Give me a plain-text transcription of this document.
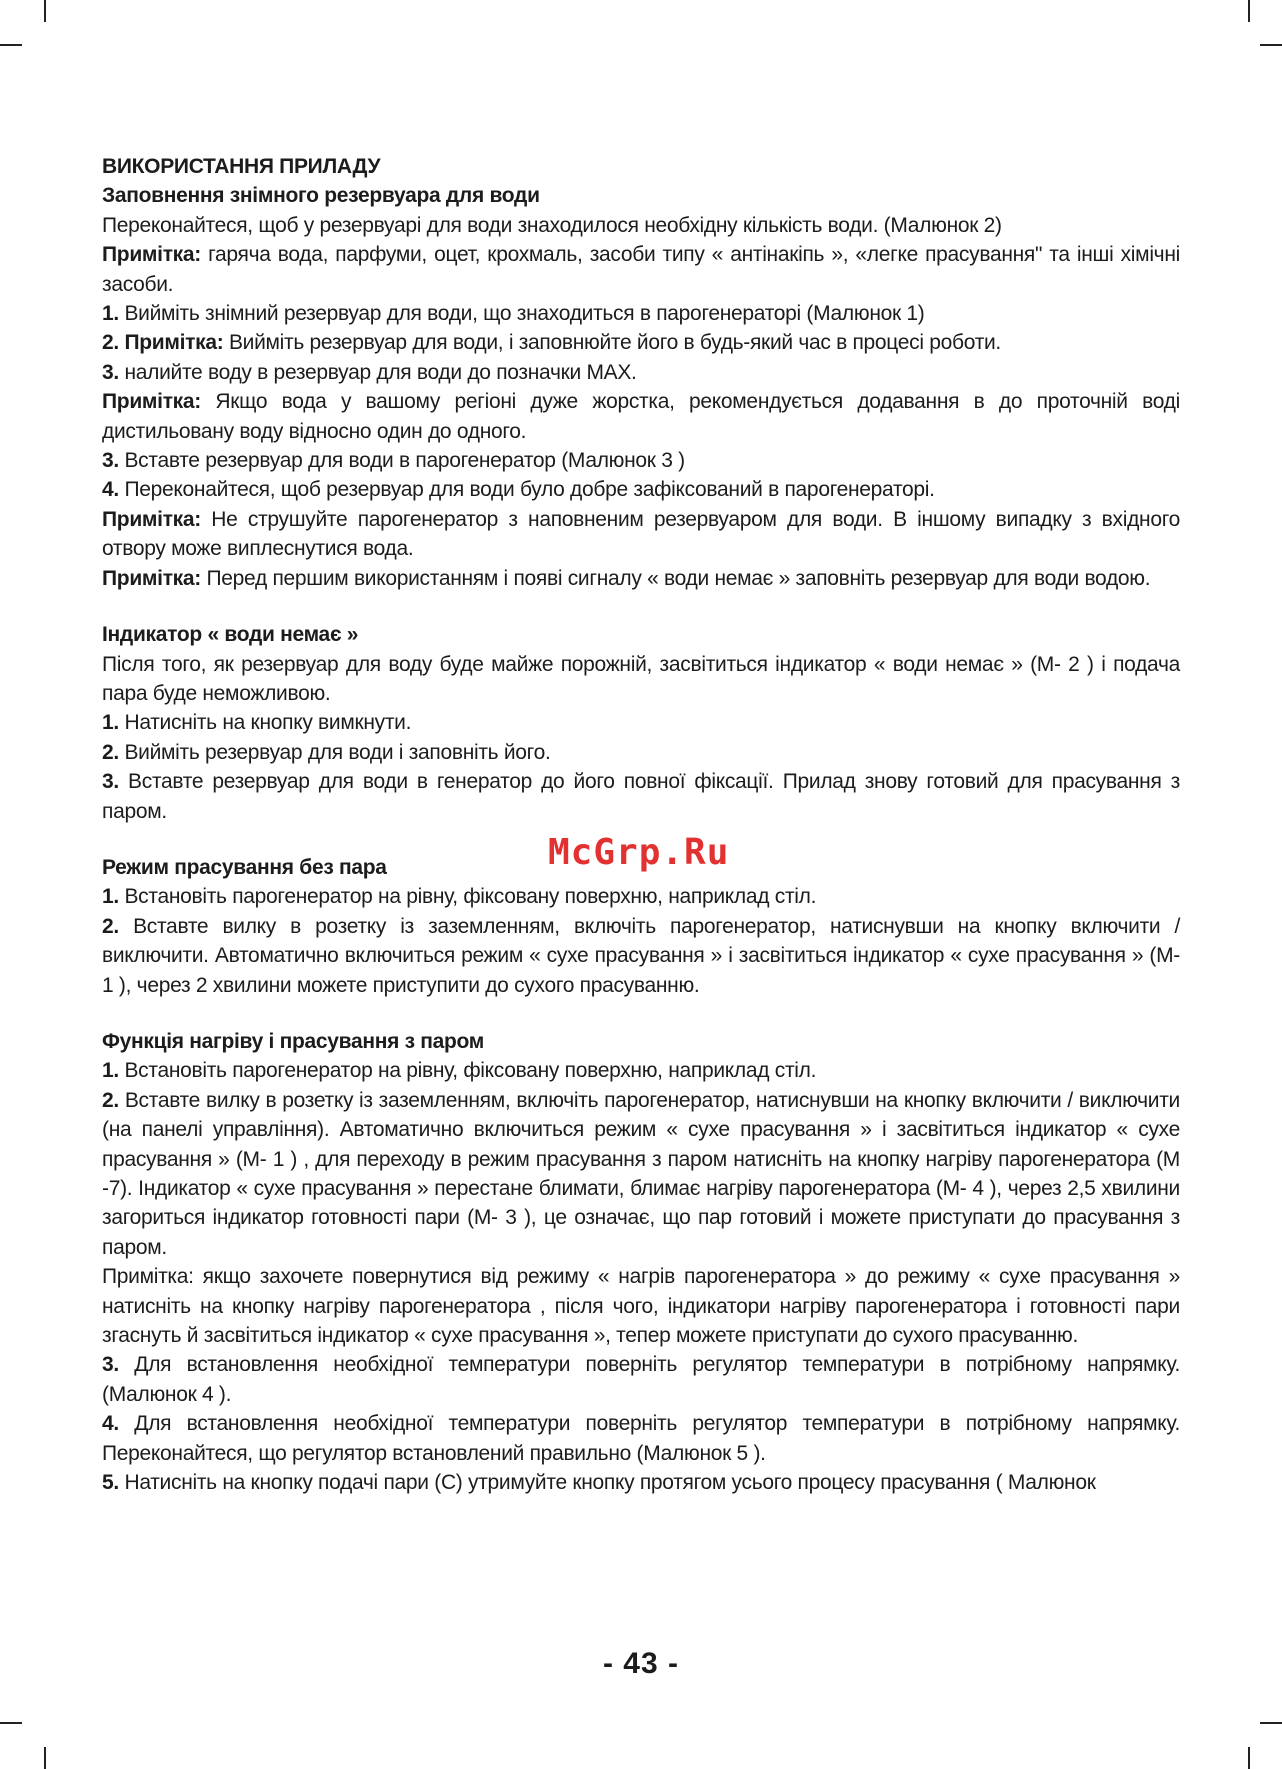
ВИКОРИСТАННЯ ПРИЛАДУ
Заповнення знімного резервуара для води

Переконайтеся, щоб у резервуарі для води знаходилося необхідну кількість води. (Малюнок 2)

Примітка: гаряча вода, парфуми, оцет, крохмаль, засоби типу « антінакіпь », «легке прасування" та інші хімічні засоби.

1. Вийміть знімний резервуар для води, що знаходиться в парогенераторі (Малюнок 1)

2. Примітка: Вийміть резервуар для води, і заповнюйте його в будь-який час в процесі роботи.

3. налийте воду в резервуар для води до позначки MAX.

Примітка: Якщо вода у вашому регіоні дуже жорстка, рекомендується додавання в до проточній воді дистильовану воду відносно один до одного.

3. Вставте резервуар для води в парогенератор (Малюнок 3 )

4. Переконайтеся, щоб резервуар для води було добре зафіксований в парогенераторі.

Примітка: Не струшуйте парогенератор з наповненим резервуаром для води. В іншому випадку з вхідного отвору може виплеснутися вода.

Примітка: Перед першим використанням і появі сигналу « води немає » заповніть резервуар для води водою.

Індикатор « води немає »

Після того, як резервуар для воду буде майже порожній, засвітиться індикатор « води немає » (М- 2 ) і подача пара буде неможливою.

1. Натисніть на кнопку вимкнути.

2. Вийміть резервуар для води і заповніть його.

3. Вставте резервуар для води в генератор до його повної фіксації. Прилад знову готовий для прасування з паром.

Режим прасування без пара

1. Встановіть парогенератор на рівну, фіксовану поверхню, наприклад стіл.

2. Вставте вилку в розетку із заземленням, включіть парогенератор, натиснувши на кнопку включити / виключити. Автоматично включиться режим « сухе прасування » і засвітиться індикатор « сухе прасування » (М- 1 ), через 2 хвилини можете приступити до сухого прасуванню.

Функція нагріву і прасування з паром

1. Встановіть парогенератор на рівну, фіксовану поверхню, наприклад стіл.

2. Вставте вилку в розетку із заземленням, включіть парогенератор, натиснувши на кнопку включити / виключити (на панелі управління). Автоматично включиться режим « сухе прасування » і засвітиться індикатор « сухе прасування » (М- 1 ) , для переходу в режим прасування з паром натисніть на кнопку нагріву парогенератора (М -7). Індикатор « сухе прасування » перестане блимати, блимає нагріву парогенератора (М- 4 ), через 2,5 хвилини загориться індикатор готовності пари (М- 3 ), це означає, що пар готовий і можете приступати до прасування з паром.

Примітка: якщо захочете повернутися від режиму « нагрів парогенератора » до режиму « сухе прасування » натисніть на кнопку нагріву парогенератора , після чого, індикатори нагріву парогенератора і готовності пари згаснуть й засвітиться індикатор « сухе прасування », тепер можете приступати до сухого прасуванню.

3. Для встановлення необхідної температури поверніть регулятор температури в потрібному напрямку. (Малюнок 4 ).

4. Для встановлення необхідної температури поверніть регулятор температури в потрібному напрямку. Переконайтеся, що регулятор встановлений правильно (Малюнок 5 ).

5. Натисніть на кнопку подачі пари (С) утримуйте кнопку протягом усього процесу прасування ( Малюнок

McGrp.Ru
- 43 -
